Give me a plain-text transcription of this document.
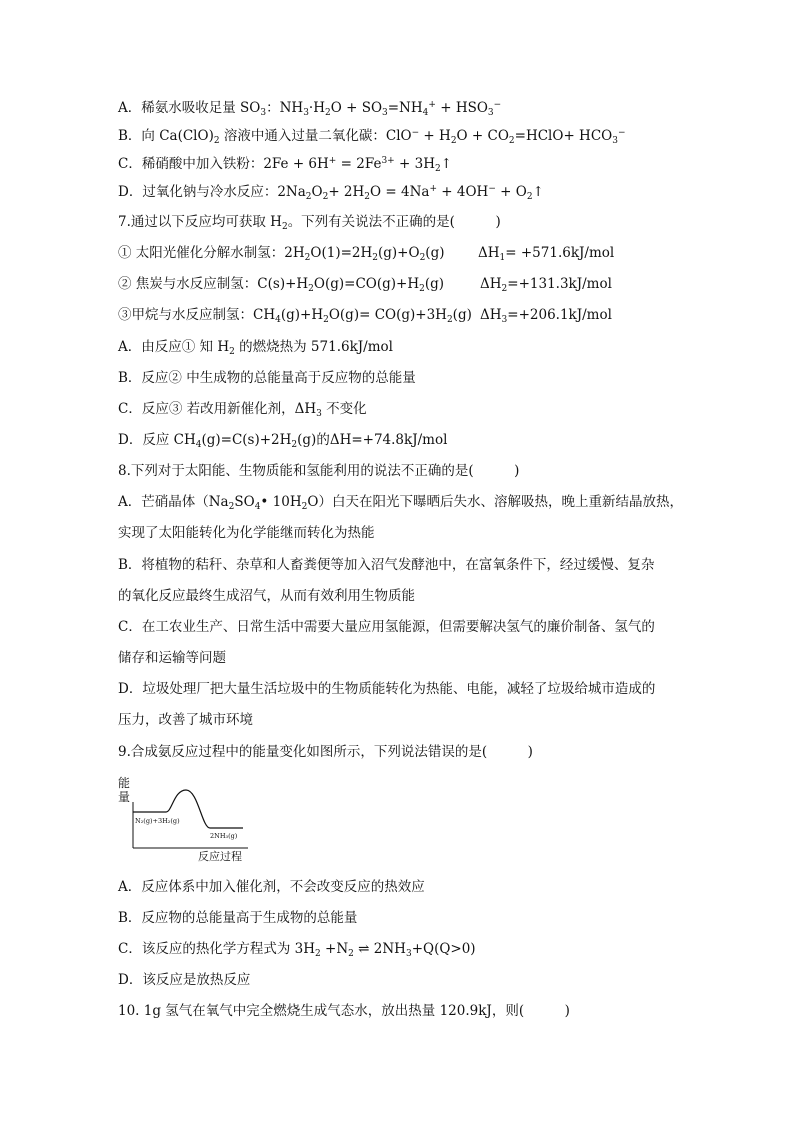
A．稀氨水吸收足量 $SO_3$：$NH_3\cdot H_2O + SO_3=NH_4^+ + HSO_3^-$
B．向 $Ca(ClO)_2$ 溶液中通入过量二氧化碳：$ClO^- + H_2O$ + $CO_2=HClO+ HCO_3^-$
C．稀硝酸中加入铁粉：$2Fe + 6H^+ = 2Fe^{3+}$ + $3H_2↑$
D．过氧化钠与冷水反应：$2Na_2O_2+ 2H_2O = 4Na^+ + 4OH^-$ + $O_2↑$
7.通过以下反应均可获取 $H_2$。下列有关说法不正确的是(　　　)
① 太阳光催化分解水制氢：$2H_2O(1)=2H_2(g)+O_2(g)$ $\Delta H_1= +571.6kJ/mol$
② 焦炭与水反应制氢：$C(s)+H_2O(g)=CO(g)+H_2(g)$	$\Delta H_2=+131.3kJ$/mol
③甲烷与水反应制氢：$CH_4(g)+H_2O(g)= CO(g)+3H_2(g)$ $\Delta H_3=+206.1kJ$/mol
A．由反应① 知 $H_2$ 的燃烧热为 571.6kJ/mol
B．反应② 中生成物的总能量高于反应物的总能量
C．反应③ 若改用新催化剂，$\Delta H_3$ 不变化
D．反应 $CH_4(g)=C(s)+2H_2(g)$的ΔH=+74.8kJ/mol
8.下列对于太阳能、生物质能和氢能利用的说法不正确的是(　　　)
A．芒硝晶体（$Na_2SO_4•$ $10H_2O$）白天在阳光下曝晒后失水、溶解吸热，晚上重新结晶放热，
实现了太阳能转化为化学能继而转化为热能
B．将植物的秸秆、杂草和人畜粪便等加入沼气发酵池中，在富氧条件下，经过缓慢、复杂
的氧化反应最终生成沼气，从而有效利用生物质能
C．在工农业生产、日常生活中需要大量应用氢能源，但需要解决氢气的廉价制备、氢气的
储存和运输等问题
D．垃圾处理厂把大量生活垃圾中的生物质能转化为热能、电能，减轻了垃圾给城市造成的
压力，改善了城市环境
9.合成氨反应过程中的能量变化如图所示，下列说法错误的是(　　　)
能
量
N₂(g)+3H₂(g)
2NH₃(g)
反应过程
A．反应体系中加入催化剂，不会改变反应的热效应
B．反应物的总能量高于生成物的总能量
C．该反应的热化学方程式为 $3H_2 +N_2$ ⇌ $2NH_3+Q(Q>0)$
D．该反应是放热反应
10. 1g 氢气在氧气中完全燃烧生成气态水，放出热量 120.9kJ，则(　　　)
